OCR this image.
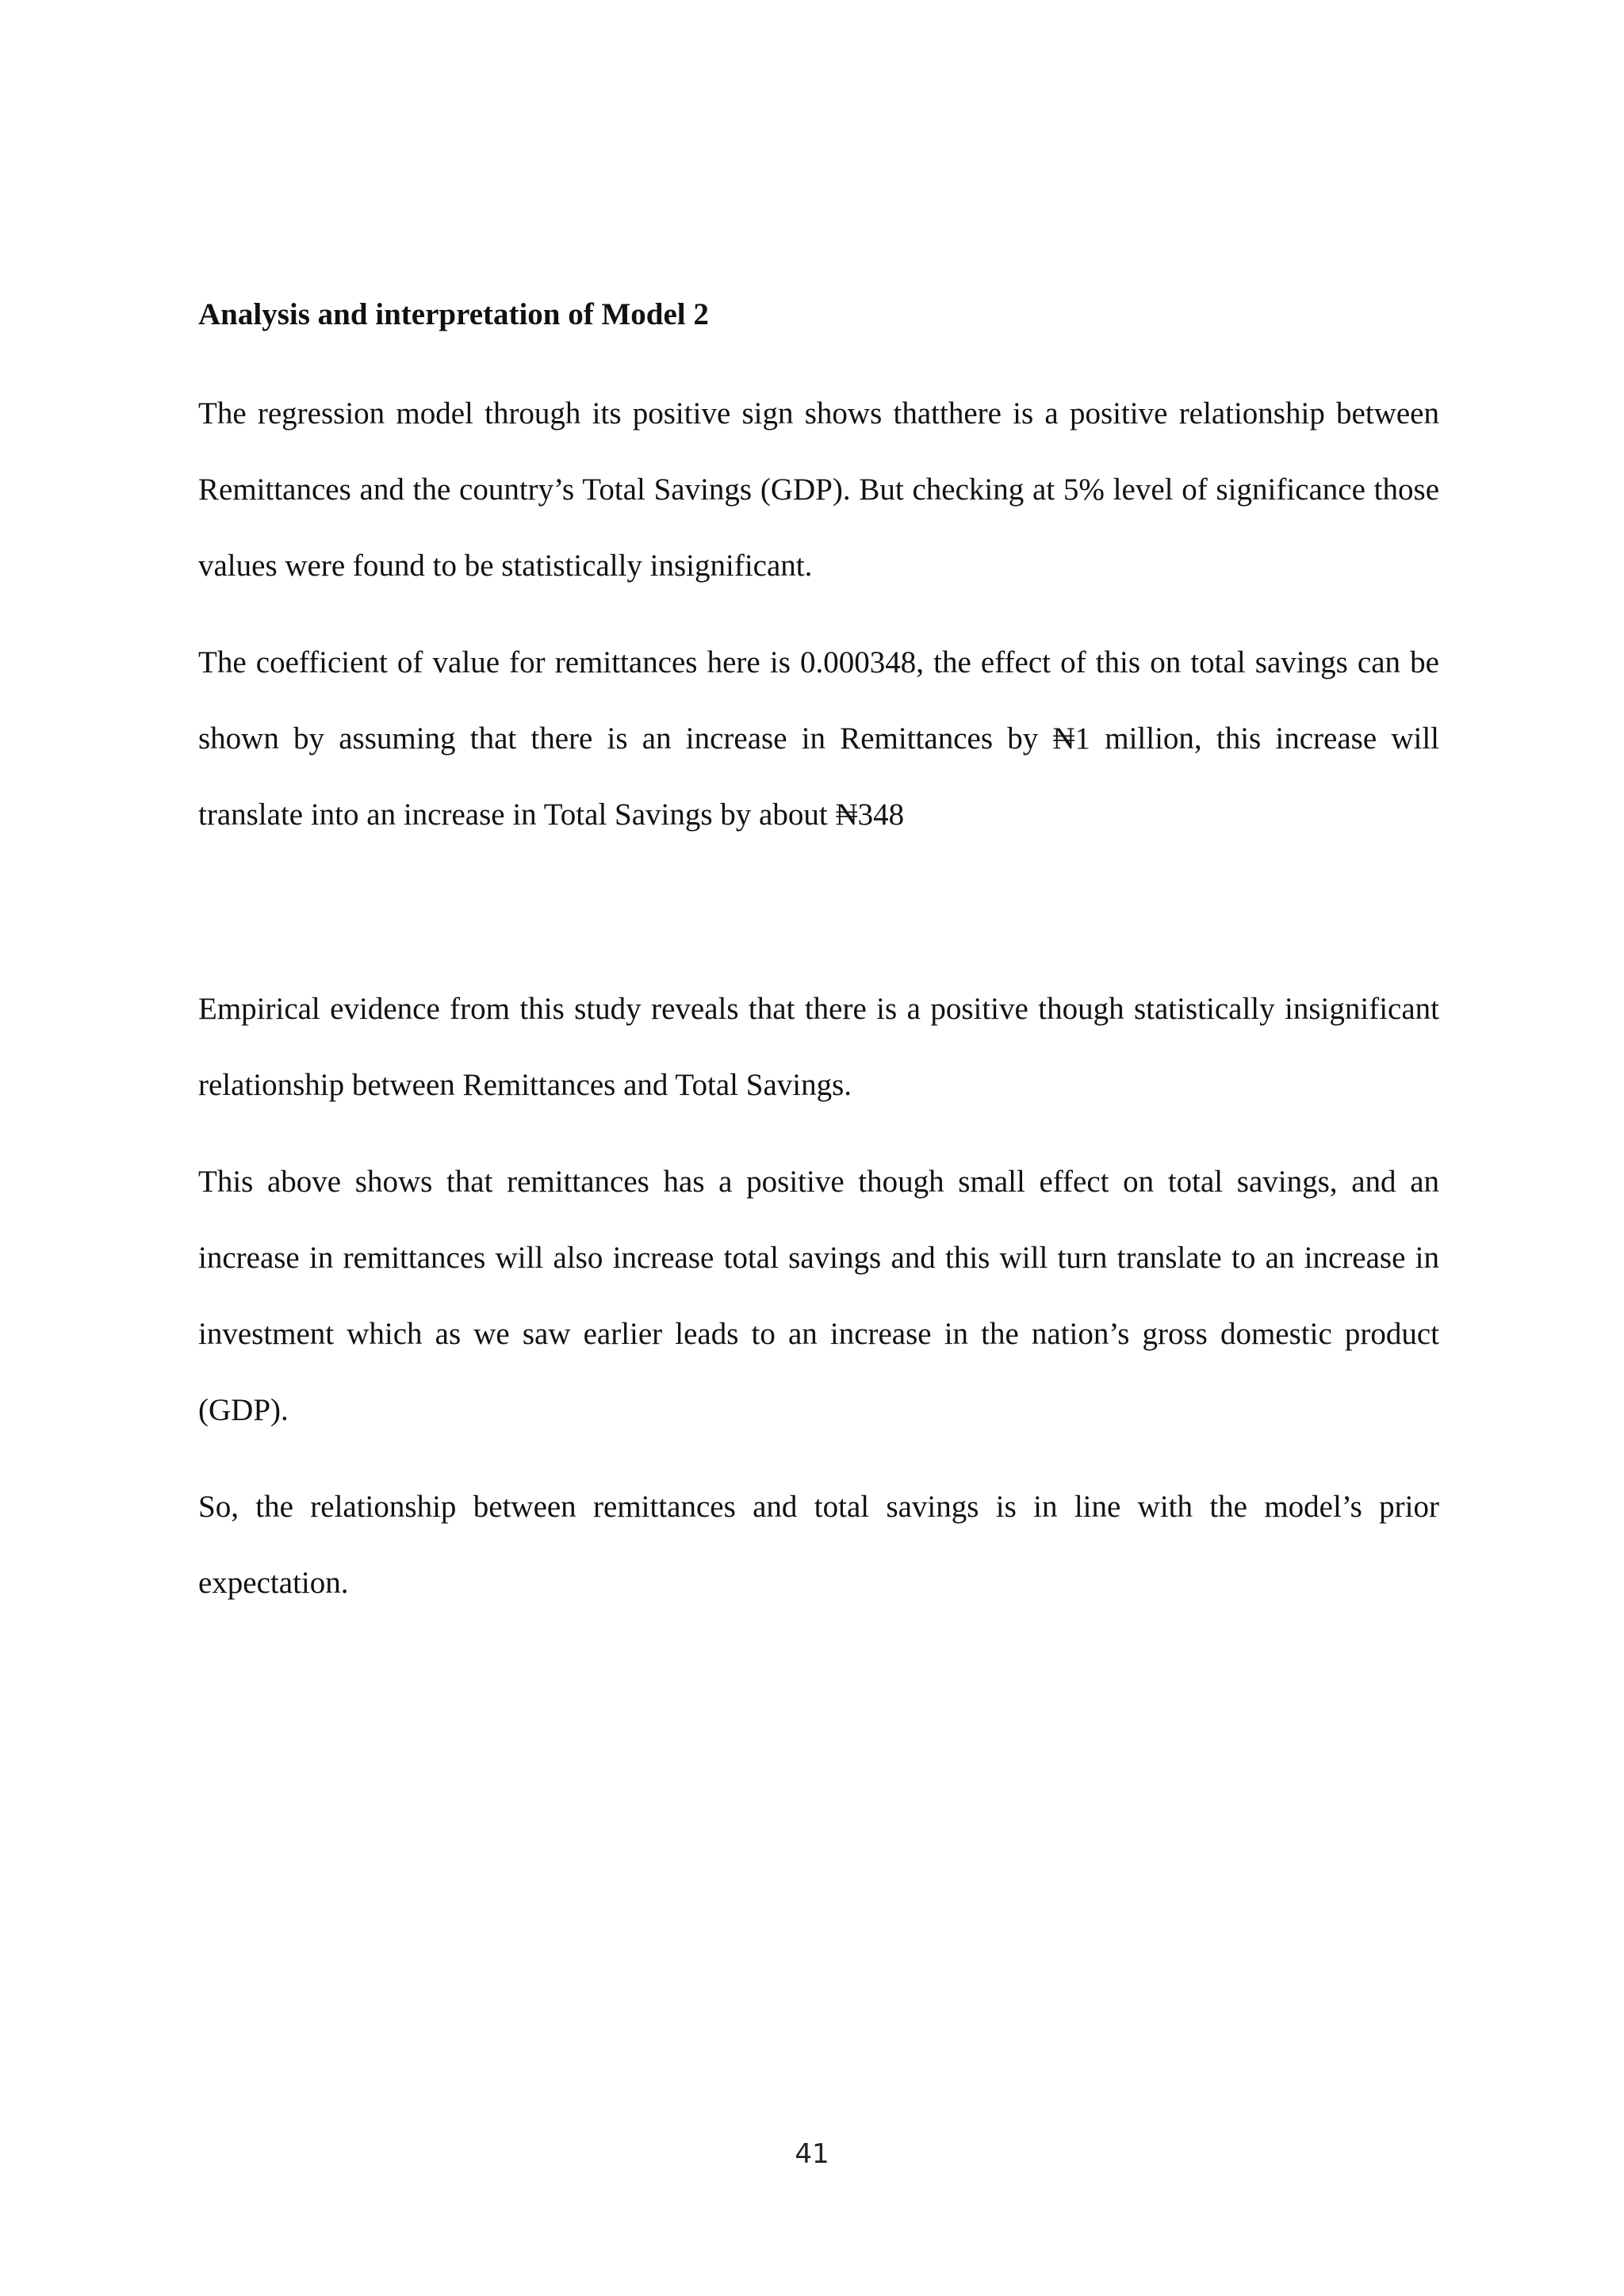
Analysis and interpretation of Model 2

The regression model through its positive sign shows thatthere is a positive relationship between Remittances and the country’s Total Savings (GDP). But checking at 5% level of significance those values were found to be statistically insignificant.

The coefficient of value for remittances here is 0.000348, the effect of this on total savings can be shown by assuming that there is an increase in Remittances by ₦1 million, this increase will translate into an increase in Total Savings by about ₦348

Empirical evidence from this study reveals that there is a positive though statistically insignificant relationship between Remittances and Total Savings.

This above shows that remittances has a positive though small effect on total savings, and an increase in remittances will also increase total savings and this will turn translate to an increase in investment which as we saw earlier leads to an increase in the nation’s gross domestic product (GDP).

So, the relationship between remittances and total savings is in line with the model’s prior expectation.

41
